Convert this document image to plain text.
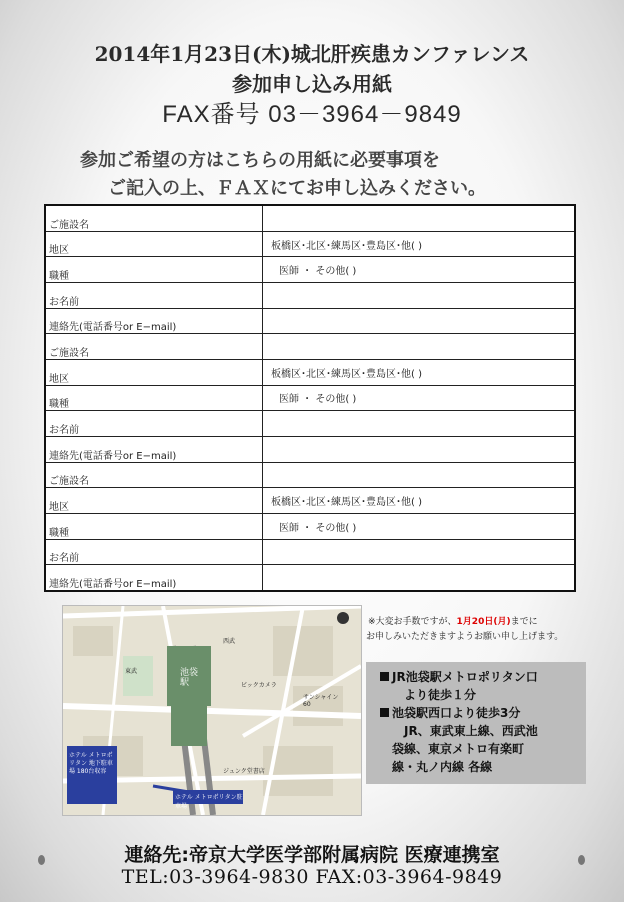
2014年1月23日(木)城北肝疾患カンファレンス
参加申し込み用紙
FAX番号 03－3964－9849
参加ご希望の方はこちらの用紙に必要事項を
ご記入の上、ＦＡＸにてお申し込みください。
ご施設名	
地区	板橋区･北区･練馬区･豊島区･他( )
職種	医師 ・ その他( )
お名前	
連絡先(電話番号or E−mail)	
ご施設名	
地区	板橋区･北区･練馬区･豊島区･他( )
職種	医師 ・ その他( )
お名前	
連絡先(電話番号or E−mail)	
ご施設名	
地区	板橋区･北区･練馬区･豊島区･他( )
職種	医師 ・ その他( )
お名前	
連絡先(電話番号or E−mail)	
池袋駅
ホテル メトロポリタン 地下駐車場 180台収容
ホテル メトロポリタン駐車場
ビックカメラ
ジュンク堂書店
サンシャイン60
東武
西武
※大変お手数ですが、1月20日(月)までに
お申しみいただきますようお願い申し上げます。
JR池袋駅メトロポリタン口
より徒歩１分
池袋駅西口より徒歩3分
JR、東武東上線、西武池
袋線、東京メトロ有楽町
線・丸ノ内線 各線
連絡先:帝京大学医学部附属病院 医療連携室
TEL:03-3964-9830 FAX:03-3964-9849
